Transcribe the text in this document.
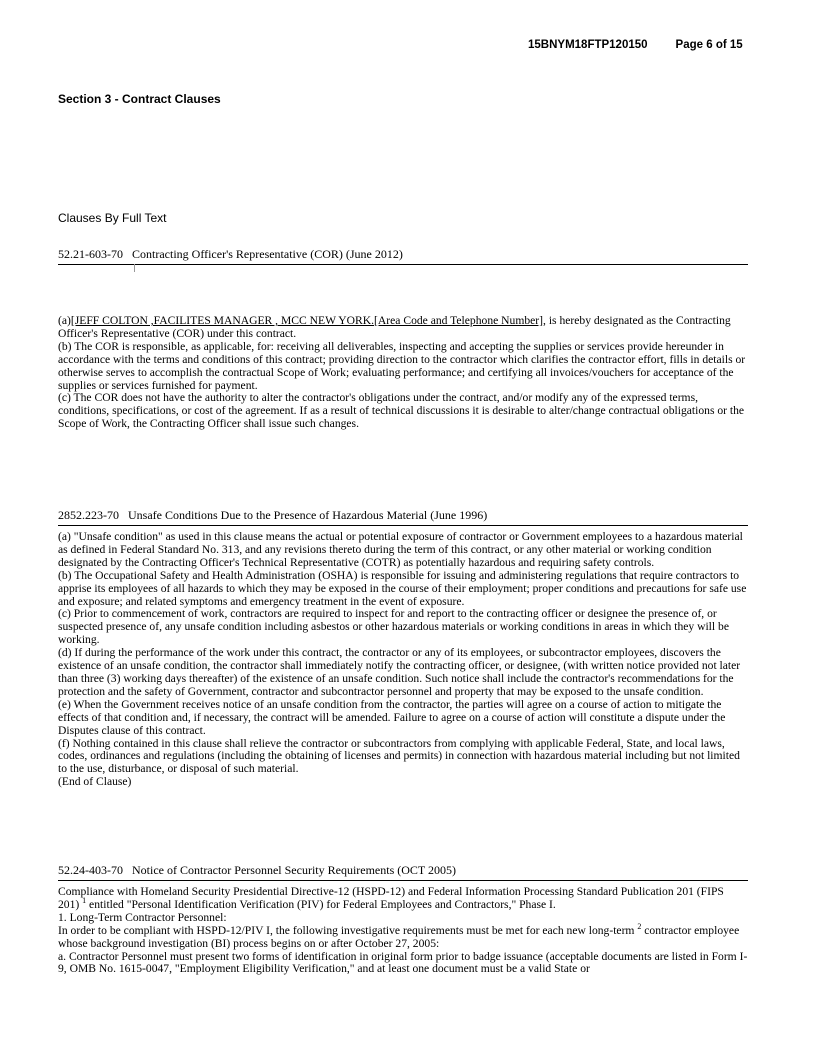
15BNYM18FTP120150 Page 6 of 15
Section 3 - Contract Clauses
Clauses By Full Text
52.21-603-70 Contracting Officer's Representative (COR) (June 2012)

(a)[JEFF COLTON ,FACILITES MANAGER , MCC NEW YORK.[Area Code and Telephone Number], is hereby designated as the Contracting Officer's Representative (COR) under this contract.

(b) The COR is responsible, as applicable, for: receiving all deliverables, inspecting and accepting the supplies or services provide hereunder in accordance with the terms and conditions of this contract; providing direction to the contractor which clarifies the contractor effort, fills in details or otherwise serves to accomplish the contractual Scope of Work; evaluating performance; and certifying all invoices/vouchers for acceptance of the supplies or services furnished for payment.

(c) The COR does not have the authority to alter the contractor's obligations under the contract, and/or modify any of the expressed terms, conditions, specifications, or cost of the agreement. If as a result of technical discussions it is desirable to alter/change contractual obligations or the Scope of Work, the Contracting Officer shall issue such changes.

2852.223-70 Unsafe Conditions Due to the Presence of Hazardous Material (June 1996)

(a) "Unsafe condition" as used in this clause means the actual or potential exposure of contractor or Government employees to a hazardous material as defined in Federal Standard No. 313, and any revisions thereto during the term of this contract, or any other material or working condition designated by the Contracting Officer's Technical Representative (COTR) as potentially hazardous and requiring safety controls.

(b) The Occupational Safety and Health Administration (OSHA) is responsible for issuing and administering regulations that require contractors to apprise its employees of all hazards to which they may be exposed in the course of their employment; proper conditions and precautions for safe use and exposure; and related symptoms and emergency treatment in the event of exposure.

(c) Prior to commencement of work, contractors are required to inspect for and report to the contracting officer or designee the presence of, or suspected presence of, any unsafe condition including asbestos or other hazardous materials or working conditions in areas in which they will be working.

(d) If during the performance of the work under this contract, the contractor or any of its employees, or subcontractor employees, discovers the existence of an unsafe condition, the contractor shall immediately notify the contracting officer, or designee, (with written notice provided not later than three (3) working days thereafter) of the existence of an unsafe condition. Such notice shall include the contractor's recommendations for the protection and the safety of Government, contractor and subcontractor personnel and property that may be exposed to the unsafe condition.

(e) When the Government receives notice of an unsafe condition from the contractor, the parties will agree on a course of action to mitigate the effects of that condition and, if necessary, the contract will be amended. Failure to agree on a course of action will constitute a dispute under the Disputes clause of this contract.

(f) Nothing contained in this clause shall relieve the contractor or subcontractors from complying with applicable Federal, State, and local laws, codes, ordinances and regulations (including the obtaining of licenses and permits) in connection with hazardous material including but not limited to the use, disturbance, or disposal of such material.

(End of Clause)

52.24-403-70 Notice of Contractor Personnel Security Requirements (OCT 2005)

Compliance with Homeland Security Presidential Directive-12 (HSPD-12) and Federal Information Processing Standard Publication 201 (FIPS 201) $^1$ entitled "Personal Identification Verification (PIV) for Federal Employees and Contractors," Phase I.

1. Long-Term Contractor Personnel:

In order to be compliant with HSPD-12/PIV I, the following investigative requirements must be met for each new long-term $^2$ contractor employee whose background investigation (BI) process begins on or after October 27, 2005:

a. Contractor Personnel must present two forms of identification in original form prior to badge issuance (acceptable documents are listed in Form I-9, OMB No. 1615-0047, "Employment Eligibility Verification," and at least one document must be a valid State or
